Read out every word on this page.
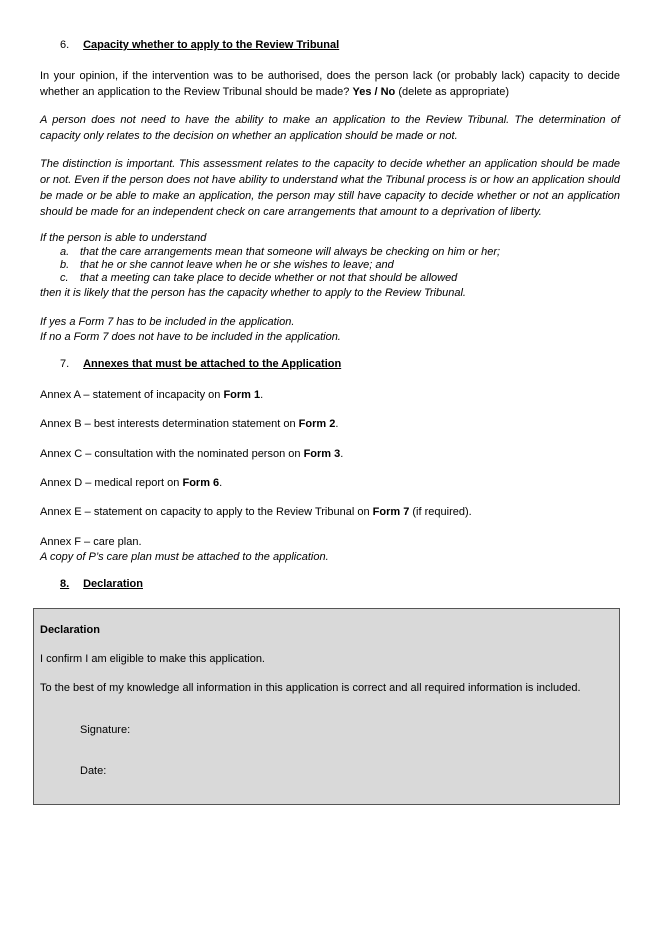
6. Capacity whether to apply to the Review Tribunal

In your opinion, if the intervention was to be authorised, does the person lack (or probably lack) capacity to decide whether an application to the Review Tribunal should be made? Yes / No (delete as appropriate)

A person does not need to have the ability to make an application to the Review Tribunal. The determination of capacity only relates to the decision on whether an application should be made or not.

The distinction is important. This assessment relates to the capacity to decide whether an application should be made or not. Even if the person does not have ability to understand what the Tribunal process is or how an application should be made or be able to make an application, the person may still have capacity to decide whether or not an application should be made for an independent check on care arrangements that amount to a deprivation of liberty.

If the person is able to understand

a. that the care arrangements mean that someone will always be checking on him or her;
b. that he or she cannot leave when he or she wishes to leave; and
c.	that a meeting can take place to decide whether or not that should be allowed

then it is likely that the person has the capacity whether to apply to the Review Tribunal.

If yes a Form 7 has to be included in the application.

If no a Form 7 does not have to be included in the application.

7. Annexes that must be attached to the Application

Annex A – statement of incapacity on Form 1.

Annex B – best interests determination statement on Form 2.

Annex C – consultation with the nominated person on Form 3.

Annex D – medical report on Form 6.

Annex E – statement on capacity to apply to the Review Tribunal on Form 7 (if required).

Annex F – care plan.

A copy of P’s care plan must be attached to the application.

8. Declaration

Declaration

I confirm I am eligible to make this application.

To the best of my knowledge all information in this application is correct and all required information is included.

Signature:

Date:
